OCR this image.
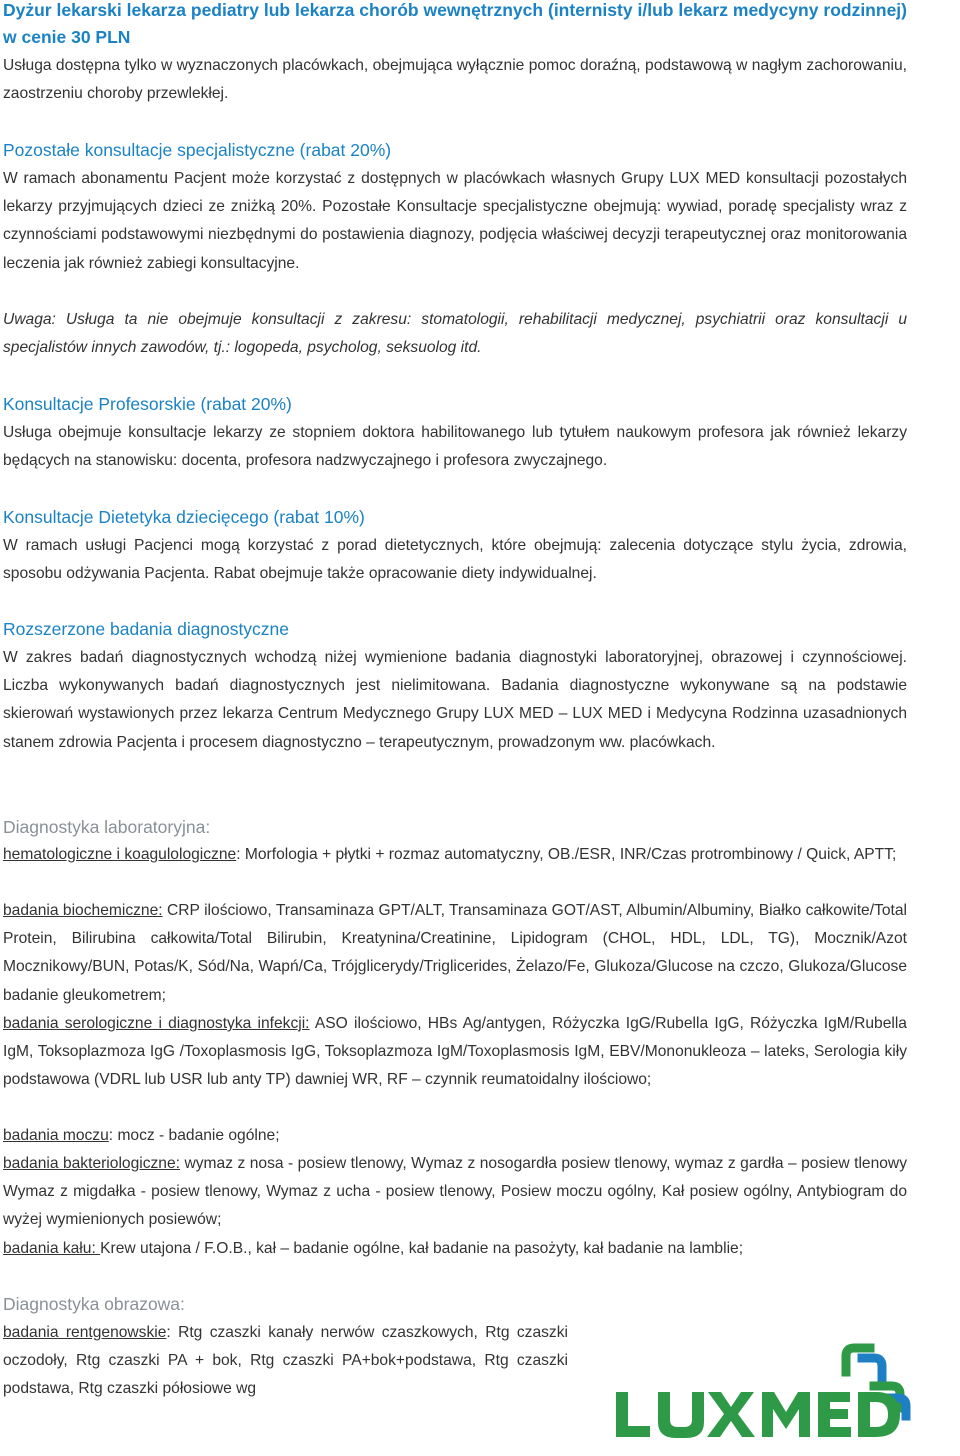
Dyżur lekarski lekarza pediatry lub lekarza chorób wewnętrznych (internisty i/lub lekarz medycyny rodzinnej) w cenie 30 PLN

Usługa dostępna tylko w wyznaczonych placówkach, obejmująca wyłącznie pomoc doraźną, podstawową w nagłym zachorowaniu, zaostrzeniu choroby przewlekłej.

Pozostałe konsultacje specjalistyczne (rabat 20%)

W ramach abonamentu Pacjent może korzystać z dostępnych w placówkach własnych Grupy LUX MED konsultacji pozostałych lekarzy przyjmujących dzieci ze zniżką 20%. Pozostałe Konsultacje specjalistyczne obejmują: wywiad, poradę specjalisty wraz z czynnościami podstawowymi niezbędnymi do postawienia diagnozy, podjęcia właściwej decyzji terapeutycznej oraz monitorowania leczenia jak również zabiegi konsultacyjne.

Uwaga: Usługa ta nie obejmuje konsultacji z zakresu: stomatologii, rehabilitacji medycznej, psychiatrii oraz konsultacji u specjalistów innych zawodów, tj.: logopeda, psycholog, seksuolog itd.

Konsultacje Profesorskie (rabat 20%)

Usługa obejmuje konsultacje lekarzy ze stopniem doktora habilitowanego lub tytułem naukowym profesora jak również lekarzy będących na stanowisku: docenta, profesora nadzwyczajnego i profesora zwyczajnego.

Konsultacje Dietetyka dziecięcego (rabat 10%)

W ramach usługi Pacjenci mogą korzystać z porad dietetycznych, które obejmują: zalecenia dotyczące stylu życia, zdrowia, sposobu odżywania Pacjenta. Rabat obejmuje także opracowanie diety indywidualnej.

Rozszerzone badania diagnostyczne

W zakres badań diagnostycznych wchodzą niżej wymienione badania diagnostyki laboratoryjnej, obrazowej i czynnościowej. Liczba wykonywanych badań diagnostycznych jest nielimitowana. Badania diagnostyczne wykonywane są na podstawie skierowań wystawionych przez lekarza Centrum Medycznego Grupy LUX MED – LUX MED i Medycyna Rodzinna uzasadnionych stanem zdrowia Pacjenta i procesem diagnostyczno – terapeutycznym, prowadzonym ww. placówkach.

Diagnostyka laboratoryjna:

hematologiczne i koagulologiczne: Morfologia + płytki + rozmaz automatyczny, OB./ESR, INR/Czas protrombinowy / Quick, APTT;

badania biochemiczne: CRP ilościowo, Transaminaza GPT/ALT, Transaminaza GOT/AST, Albumin/Albuminy, Białko całkowite/Total Protein, Bilirubina całkowita/Total Bilirubin, Kreatynina/Creatinine, Lipidogram (CHOL, HDL, LDL, TG), Mocznik/Azot Mocznikowy/BUN, Potas/K, Sód/Na, Wapń/Ca, Trójglicerydy/Triglicerides, Żelazo/Fe, Glukoza/Glucose na czczo, Glukoza/Glucose badanie gleukometrem;

badania serologiczne i diagnostyka infekcji: ASO ilościowo, HBs Ag/antygen, Różyczka IgG/Rubella IgG, Różyczka IgM/Rubella IgM, Toksoplazmoza IgG /Toxoplasmosis IgG, Toksoplazmoza IgM/Toxoplasmosis IgM, EBV/Mononukleoza – lateks, Serologia kiły podstawowa (VDRL lub USR lub anty TP) dawniej WR, RF – czynnik reumatoidalny ilościowo;

badania moczu: mocz - badanie ogólne;

badania bakteriologiczne: wymaz z nosa - posiew tlenowy, Wymaz z nosogardła posiew tlenowy, wymaz z gardła – posiew tlenowy Wymaz z migdałka - posiew tlenowy, Wymaz z ucha - posiew tlenowy, Posiew moczu ogólny, Kał posiew ogólny, Antybiogram do wyżej wymienionych posiewów;

badania kału: Krew utajona / F.O.B., kał – badanie ogólne, kał badanie na pasożyty, kał badanie na lamblie;

Diagnostyka obrazowa:

badania rentgenowskie: Rtg czaszki kanały nerwów czaszkowych, Rtg czaszki oczodoły, Rtg czaszki PA + bok, Rtg czaszki PA+bok+podstawa, Rtg czaszki podstawa, Rtg czaszki półosiowe wg
